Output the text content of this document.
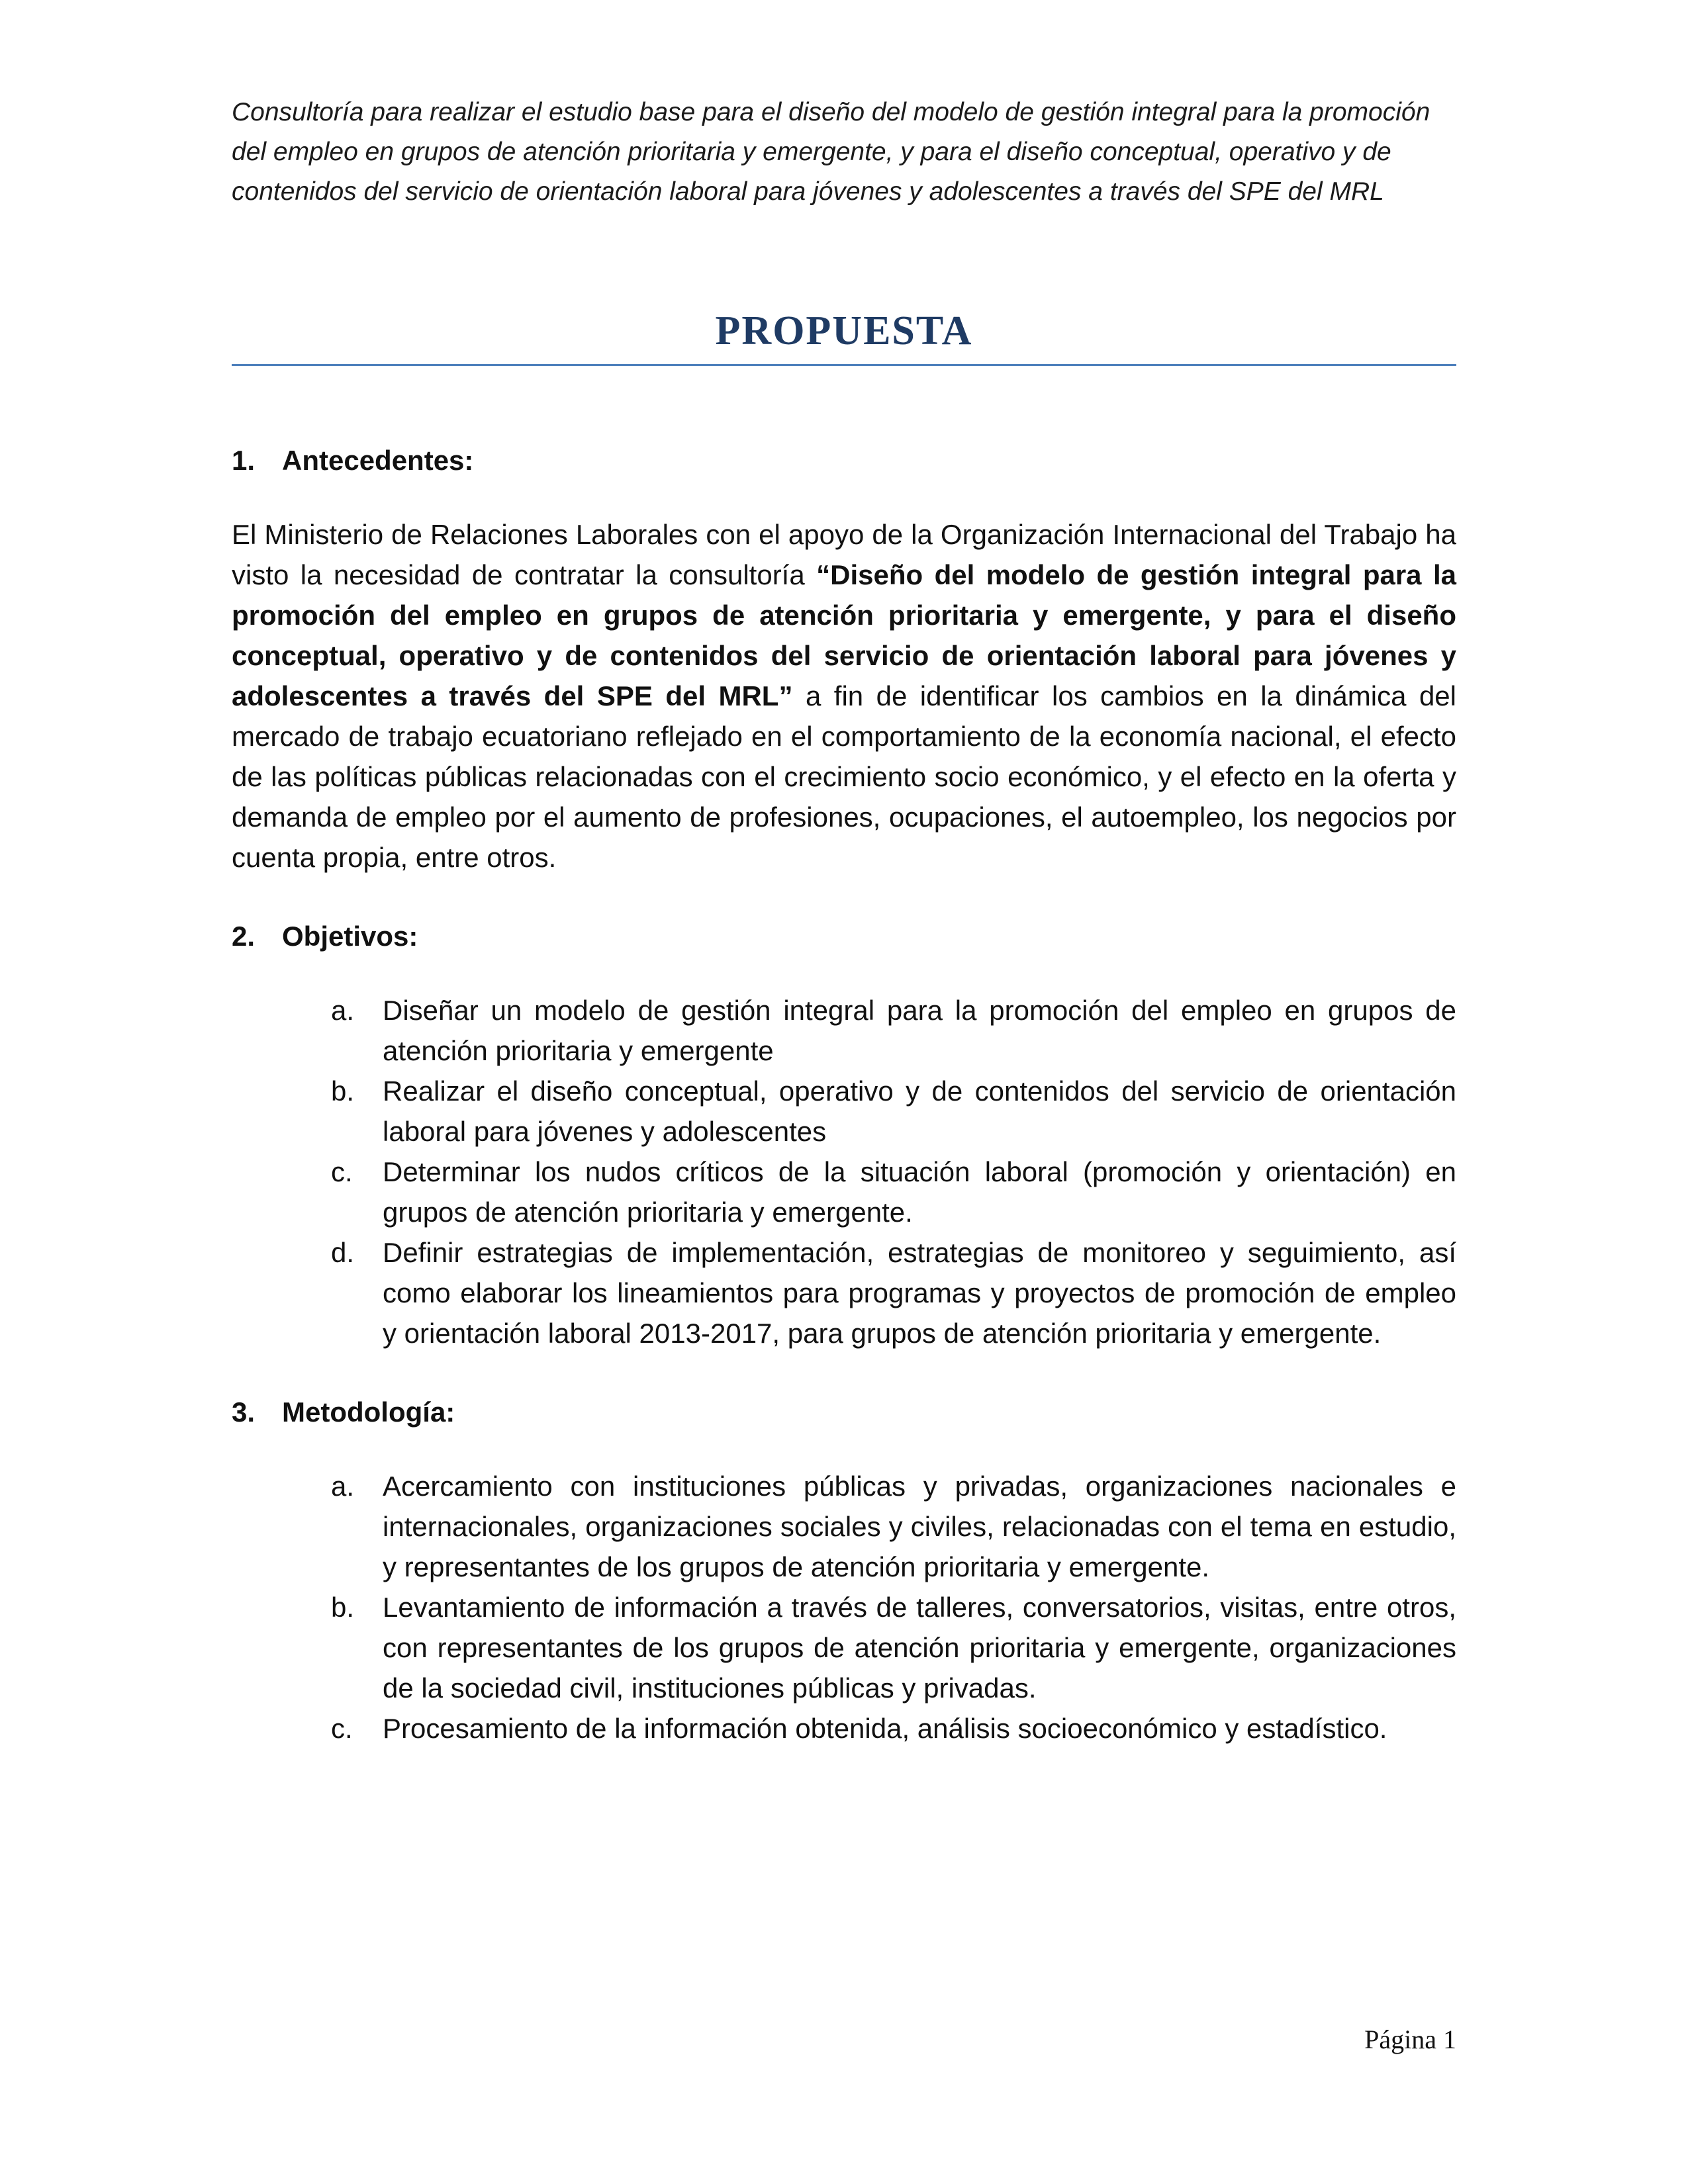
Consultoría para realizar el estudio base para el diseño del modelo de gestión integral para la promoción del empleo en grupos de atención prioritaria y emergente, y para el diseño conceptual, operativo y de contenidos del servicio de orientación laboral para jóvenes y adolescentes a través del SPE del MRL
PROPUESTA
1. Antecedentes:
El Ministerio de Relaciones Laborales con el apoyo de la Organización Internacional del Trabajo ha visto la necesidad de contratar la consultoría “Diseño del modelo de gestión integral para la promoción del empleo en grupos de atención prioritaria y emergente, y para el diseño conceptual, operativo y de contenidos del servicio de orientación laboral para jóvenes y adolescentes a través del SPE del MRL” a fin de identificar los cambios en la dinámica del mercado de trabajo ecuatoriano reflejado en el comportamiento de la economía nacional, el efecto de las políticas públicas relacionadas con el crecimiento socio económico, y el efecto en la oferta y demanda de empleo por el aumento de profesiones, ocupaciones, el autoempleo, los negocios por cuenta propia, entre otros.
2. Objetivos:
a.	Diseñar un modelo de gestión integral para la promoción del empleo en grupos de atención prioritaria y emergente
b.	Realizar el diseño conceptual, operativo y de contenidos del servicio de orientación laboral para jóvenes y adolescentes
c.	Determinar los nudos críticos de la situación laboral (promoción y orientación) en grupos de atención prioritaria y emergente.
d.	Definir estrategias de implementación, estrategias de monitoreo y seguimiento, así como elaborar los lineamientos para programas y proyectos de promoción de empleo y orientación laboral 2013-2017, para grupos de atención prioritaria y emergente.
3. Metodología:
a.	Acercamiento con instituciones públicas y privadas, organizaciones nacionales e internacionales, organizaciones sociales y civiles, relacionadas con el tema en estudio, y representantes de los grupos de atención prioritaria y emergente.
b.	Levantamiento de información a través de talleres, conversatorios, visitas, entre otros, con representantes de los grupos de atención prioritaria y emergente, organizaciones de la sociedad civil, instituciones públicas y privadas.
c.	Procesamiento de la información obtenida, análisis socioeconómico y estadístico.
Página 1
